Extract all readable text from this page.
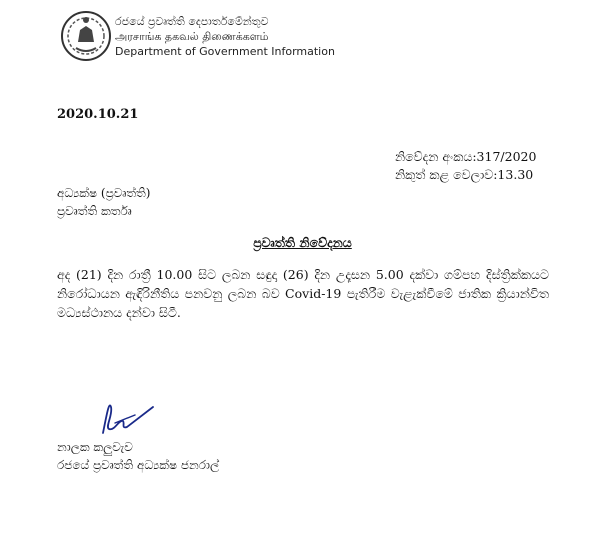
රජයේ ප්‍රවෘත්ති දෙපාර්තමේන්තුව
அரசாங்க தகவல் திணைக்களம்
Department of Government Information
2020.10.21
නිවේදන අංකය:317/2020
නිකුත් කළ වෙලාව:13.30
අධ්‍යක්ෂ (ප්‍රවෘත්ති)
ප්‍රවෘත්ති කර්තෘ
ප්‍රවෘත්ති නිවේදනය
අද (21) දින රාත්‍රී 10.00 සිට ලබන සඳුදා (26) දින උදෑසන 5.00 දක්වා ගම්පහ දිස්ත්‍රික්කයට නිරෝධායන ඇඳිරිනීතිය පනවනු ලබන බව Covid-19 පැතිරීම වැළැක්වීමේ ජාතික ක්‍රියාන්විත මධ්‍යස්ථානය දන්වා සිටී.
නාලක කලුවැව
රජයේ ප්‍රවෘත්ති අධ්‍යක්ෂ ජනරාල්
